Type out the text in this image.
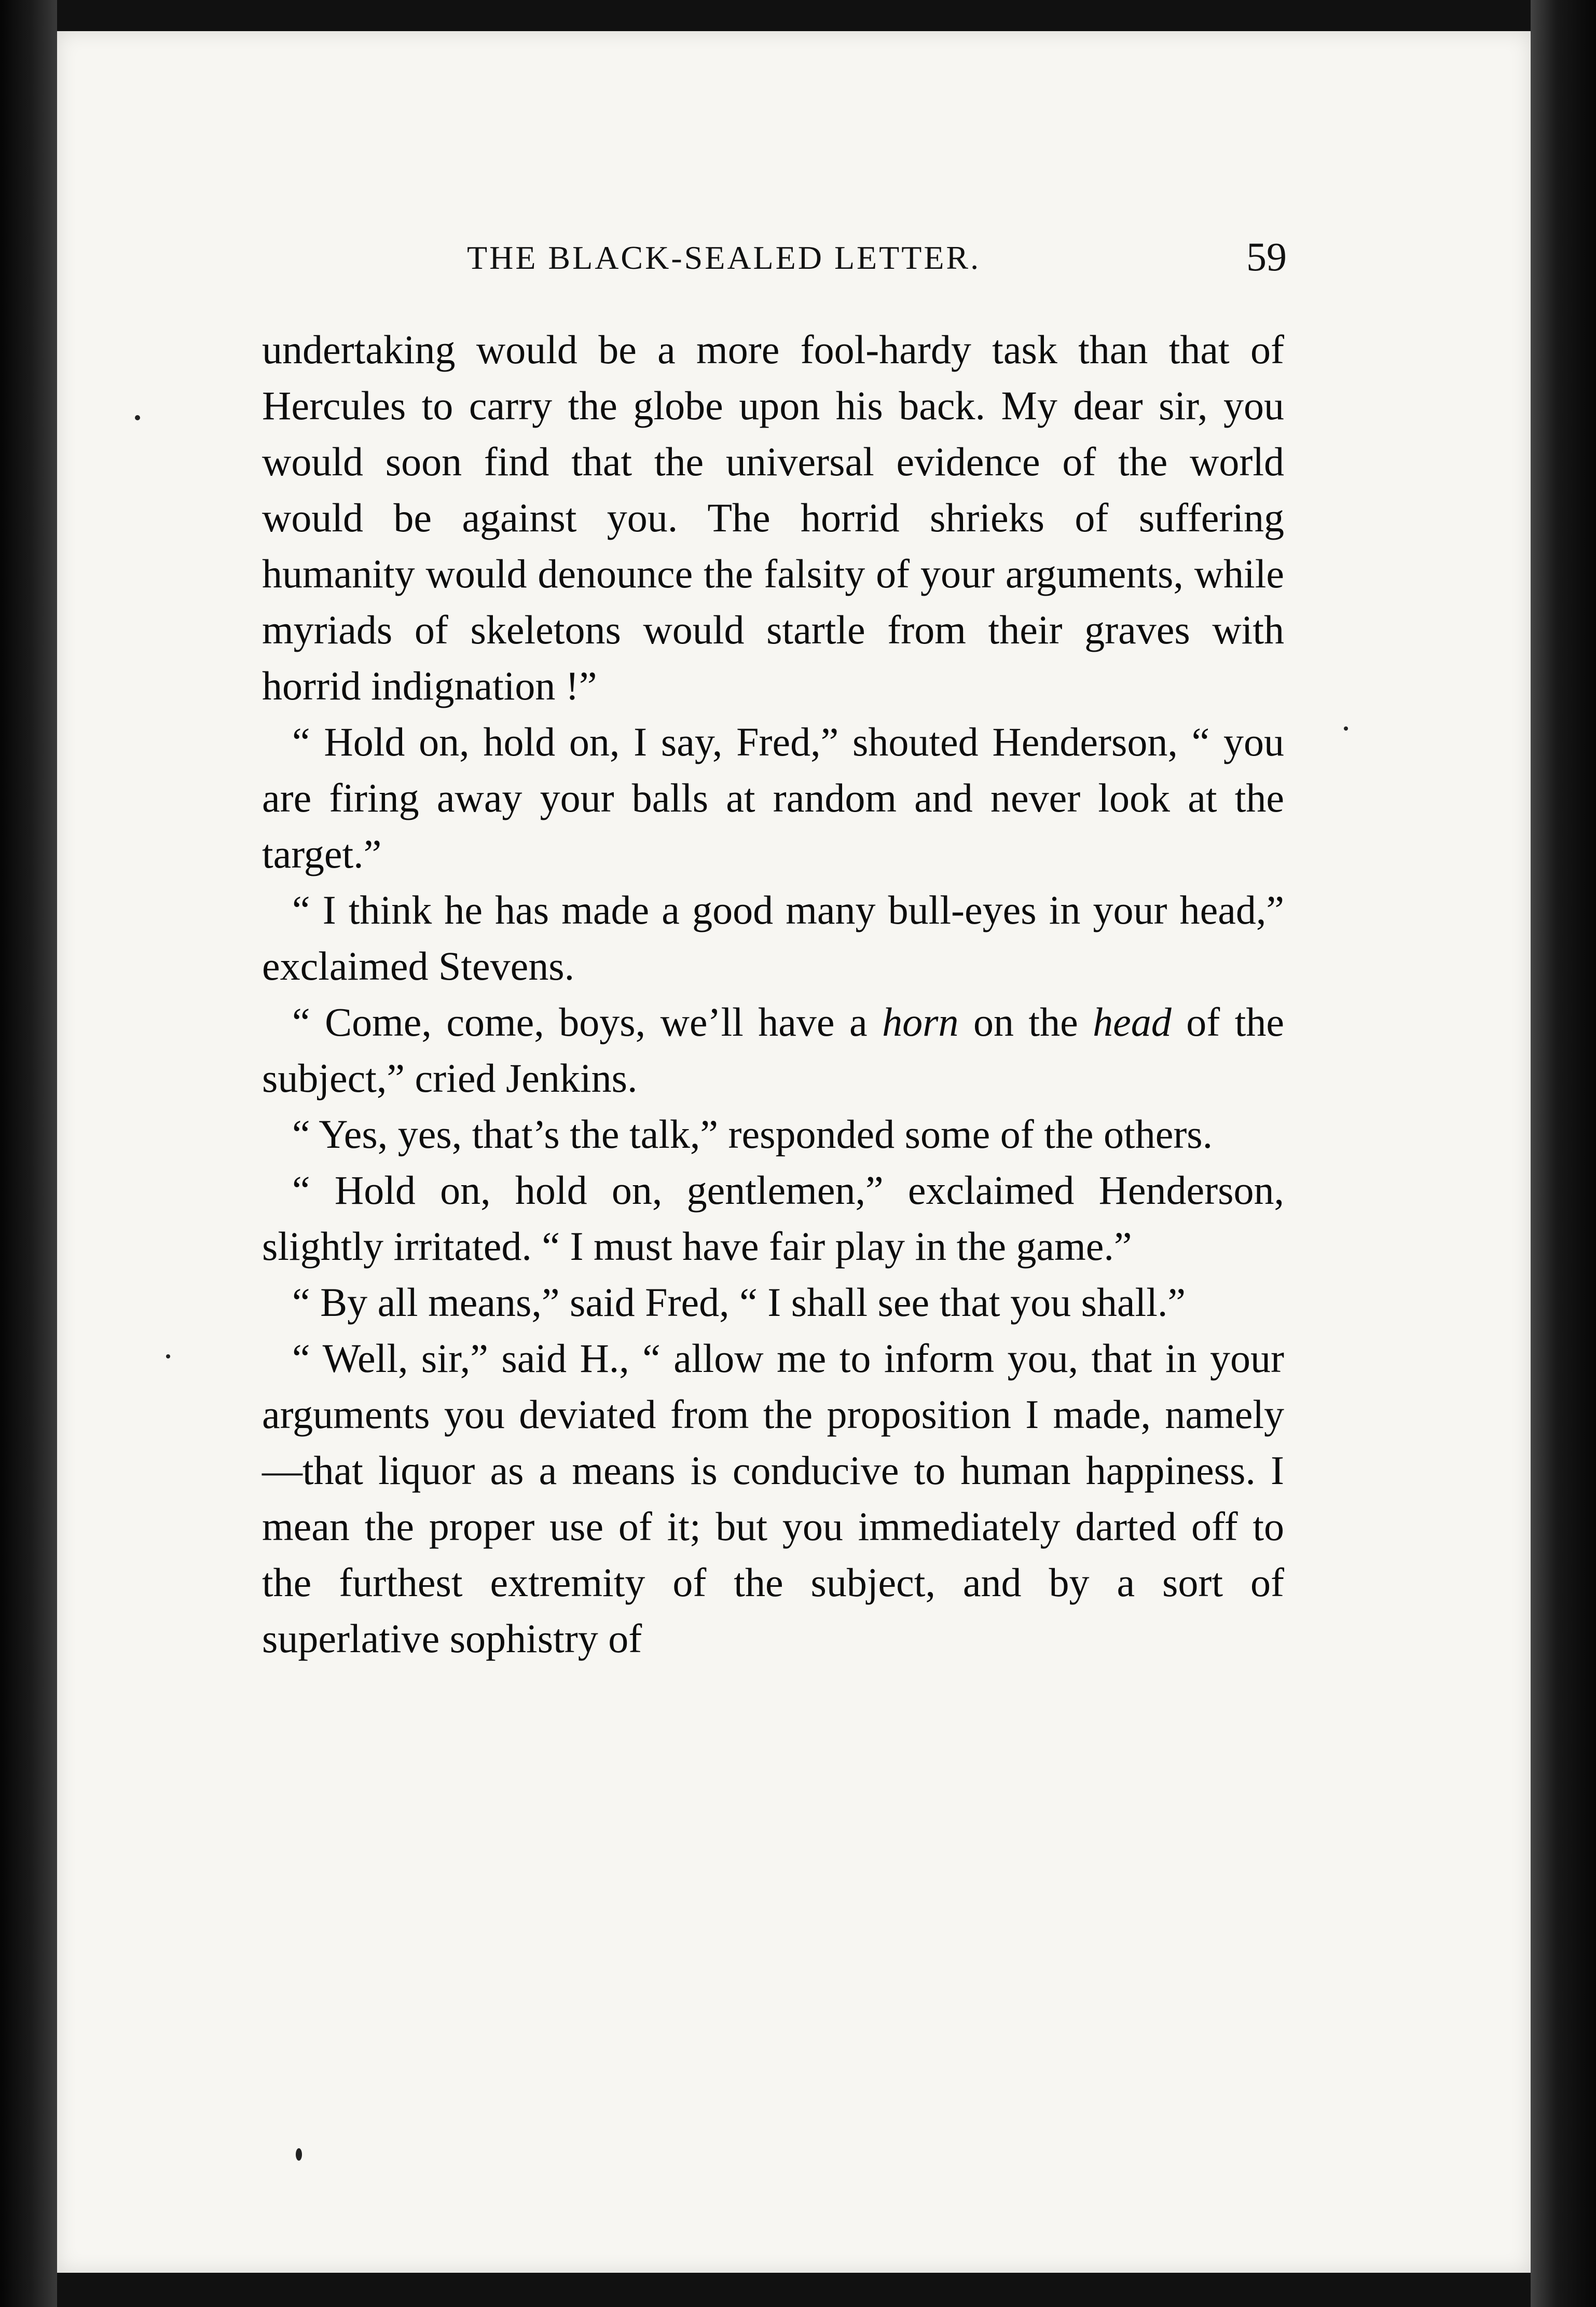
THE BLACK-SEALED LETTER.	59

undertaking would be a more fool-hardy task than that of Hercules to carry the globe upon his back. My dear sir, you would soon find that the universal evidence of the world would be against you. The horrid shrieks of suffering humanity would denounce the falsity of your arguments, while myriads of skeletons would startle from their graves with horrid indignation !”

“ Hold on, hold on, I say, Fred,” shouted Henderson, “ you are firing away your balls at random and never look at the target.”

“ I think he has made a good many bull-eyes in your head,” exclaimed Stevens.

“ Come, come, boys, we’ll have a horn on the head of the subject,” cried Jenkins.

“ Yes, yes, that’s the talk,” responded some of the others.

“ Hold on, hold on, gentlemen,” exclaimed Henderson, slightly irritated. “ I must have fair play in the game.”

“ By all means,” said Fred, “ I shall see that you shall.”

“ Well, sir,” said H., “ allow me to inform you, that in your arguments you deviated from the proposition I made, namely—that liquor as a means is conducive to human happiness. I mean the proper use of it; but you immediately darted off to the furthest extremity of the subject, and by a sort of superlative sophistry of
